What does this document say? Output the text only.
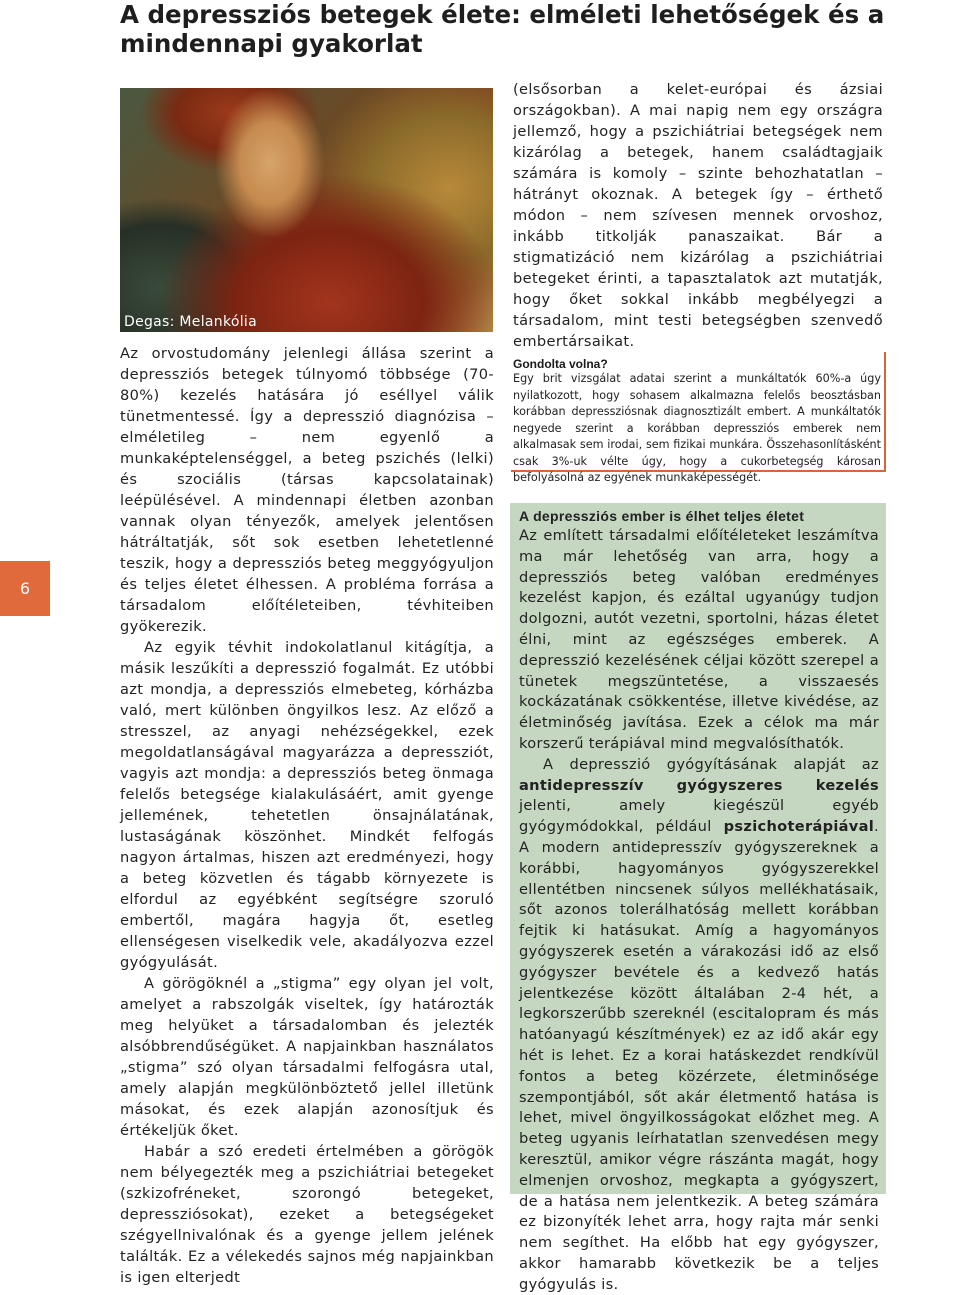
A depressziós betegek élete: elméleti lehetőségek és a mindennapi gyakorlat
Degas: Melankólia

Az orvostudomány jelenlegi állása szerint a depressziós betegek túlnyomó többsége (70-80%) kezelés hatására jó eséllyel válik tünetmentessé. Így a depresszió diagnózisa – elméletileg – nem egyenlő a munkaképtelenséggel, a beteg pszichés (lelki) és szociális (társas kapcsolatainak) leépülésével. A mindennapi életben azonban vannak olyan tényezők, amelyek jelentősen hátráltatják, sőt sok esetben lehetetlenné teszik, hogy a depressziós beteg meggyógyuljon és teljes életet élhessen. A probléma forrása a társadalom előítéleteiben, tévhiteiben gyökerezik.

Az egyik tévhit indokolatlanul kitágítja, a másik leszűkíti a depresszió fogalmát. Ez utóbbi azt mondja, a depressziós elmebeteg, kórházba való, mert különben öngyilkos lesz. Az előző a stresszel, az anyagi nehézségekkel, ezek megoldatlanságával magyarázza a depressziót, vagyis azt mondja: a depressziós beteg önmaga felelős betegsége kialakulásáért, amit gyenge jellemének, tehetetlen önsajnálatának, lustaságának köszönhet. Mindkét felfogás nagyon ártalmas, hiszen azt eredményezi, hogy a beteg közvetlen és tágabb környezete is elfordul az egyébként segítségre szoruló embertől, magára hagyja őt, esetleg ellenségesen viselkedik vele, akadályozva ezzel gyógyulását.

A görögöknél a „stigma” egy olyan jel volt, amelyet a rabszolgák viseltek, így határozták meg helyüket a társadalomban és jelezték alsóbbrendűségüket. A napjainkban használatos „stigma” szó olyan társadalmi felfogásra utal, amely alapján megkülönböztető jellel illetünk másokat, és ezek alapján azonosítjuk és értékeljük őket.

Habár a szó eredeti értelmében a görögök nem bélyegezték meg a pszichiátriai betegeket (szkizofréneket, szorongó betegeket, depressziósokat), ezeket a betegségeket szégyellnivalónak és a gyenge jellem jelének találták. Ez a vélekedés sajnos még napjainkban is igen elterjedt

(elsősorban a kelet-európai és ázsiai országokban). A mai napig nem egy országra jellemző, hogy a pszichiátriai betegségek nem kizárólag a betegek, hanem családtagjaik számára is komoly – szinte behozhatatlan – hátrányt okoznak. A betegek így – érthető módon – nem szívesen mennek orvoshoz, inkább titkolják panaszaikat. Bár a stigmatizáció nem kizárólag a pszichiátriai betegeket érinti, a tapasztalatok azt mutatják, hogy őket sokkal inkább megbélyegzi a társadalom, mint testi betegségben szenvedő embertársaikat.

6
Gondolta volna?
Egy brit vizsgálat adatai szerint a munkáltatók 60%-a úgy nyilatkozott, hogy sohasem alkalmazna felelős beosztásban korábban depressziósnak diagnosztizált embert. A munkáltatók negyede szerint a korábban depressziós emberek nem alkalmasak sem irodai, sem fizikai munkára. Összehasonlításként csak 3%-uk vélte úgy, hogy a cukorbetegség károsan befolyásolná az egyének munkaképességét.

A depressziós ember is élhet teljes életet

Az említett társadalmi előítéleteket leszámítva ma már lehetőség van arra, hogy a depressziós beteg valóban eredményes kezelést kapjon, és ezáltal ugyanúgy tudjon dolgozni, autót vezetni, sportolni, házas életet élni, mint az egészséges emberek. A depresszió kezelésének céljai között szerepel a tünetek megszüntetése, a visszaesés kockázatának csökkentése, illetve kivédése, az életminőség javítása. Ezek a célok ma már korszerű terápiával mind megvalósíthatók.

A depresszió gyógyításának alapját az antidepresszív gyógyszeres kezelés jelenti, amely kiegészül egyéb gyógymódokkal, például pszichoterápiával. A modern antidepresszív gyógyszereknek a korábbi, hagyományos gyógyszerekkel ellentétben nincsenek súlyos mellékhatásaik, sőt azonos tolerálhatóság mellett korábban fejtik ki hatásukat. Amíg a hagyományos gyógyszerek esetén a várakozási idő az első gyógyszer bevétele és a kedvező hatás jelentkezése között általában 2-4 hét, a legkorszerűbb szereknél (escitalopram és más hatóanyagú készítmények) ez az idő akár egy hét is lehet. Ez a korai hatáskezdet rendkívül fontos a beteg közérzete, életminősége szempontjából, sőt akár életmentő hatása is lehet, mivel öngyilkosságokat előzhet meg. A beteg ugyanis leírhatatlan szenvedésen megy keresztül, amikor végre rászánta magát, hogy elmenjen orvoshoz, megkapta a gyógyszert, de a hatása nem jelentkezik. A beteg számára ez bizonyíték lehet arra, hogy rajta már senki nem segíthet. Ha előbb hat egy gyógyszer, akkor hamarabb következik be a teljes gyógyulás is.
